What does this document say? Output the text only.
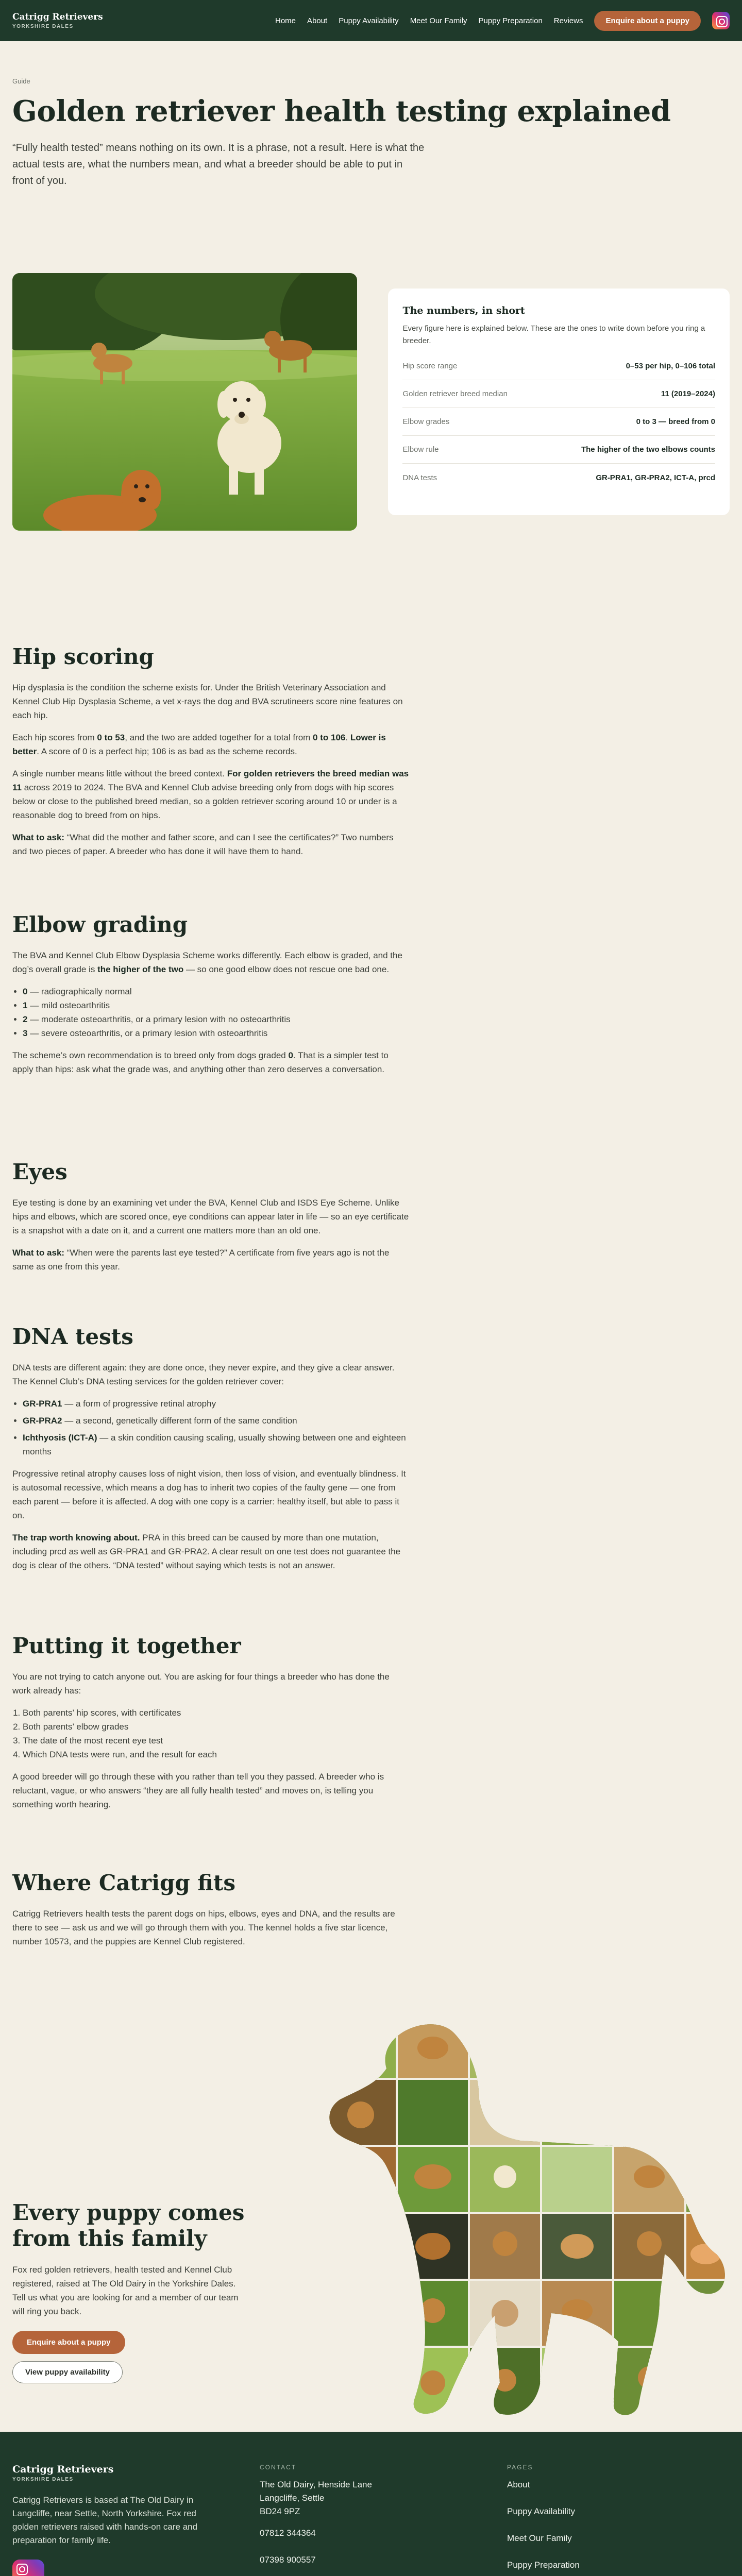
Catrigg Retrievers
YORKSHIRE DALES
Home About Puppy Availability Meet Our Family Puppy Preparation Reviews	Enquire about a puppy
Guide
Golden retriever health testing explained

“Fully health tested” means nothing on its own. It is a phrase, not a result. Here is what the actual tests are, what the numbers mean, and what a breeder should be able to put in front of you.

The numbers, in short

Every figure here is explained below. These are the ones to write down before you ring a breeder.

Hip score range	0–53 per hip, 0–106 total
Golden retriever breed median	11 (2019–2024)
Elbow grades	0 to 3 — breed from 0
Elbow rule	The higher of the two elbows counts
DNA tests	GR-PRA1, GR-PRA2, ICT-A, prcd
Hip scoring

Hip dysplasia is the condition the scheme exists for. Under the British Veterinary Association and Kennel Club Hip Dysplasia Scheme, a vet x-rays the dog and BVA scrutineers score nine features on each hip.

Each hip scores from 0 to 53, and the two are added together for a total from 0 to 106. Lower is better. A score of 0 is a perfect hip; 106 is as bad as the scheme records.

A single number means little without the breed context. For golden retrievers the breed median was 11 across 2019 to 2024. The BVA and Kennel Club advise breeding only from dogs with hip scores below or close to the published breed median, so a golden retriever scoring around 10 or under is a reasonable dog to breed from on hips.

What to ask: “What did the mother and father score, and can I see the certificates?” Two numbers and two pieces of paper. A breeder who has done it will have them to hand.

Elbow grading

The BVA and Kennel Club Elbow Dysplasia Scheme works differently. Each elbow is graded, and the dog’s overall grade is the higher of the two — so one good elbow does not rescue one bad one.

• 0 — radiographically normal
• 1 — mild osteoarthritis
• 2 — moderate osteoarthritis, or a primary lesion with no osteoarthritis
• 3 — severe osteoarthritis, or a primary lesion with osteoarthritis

The scheme’s own recommendation is to breed only from dogs graded 0. That is a simpler test to apply than hips: ask what the grade was, and anything other than zero deserves a conversation.

Eyes

Eye testing is done by an examining vet under the BVA, Kennel Club and ISDS Eye Scheme. Unlike hips and elbows, which are scored once, eye conditions can appear later in life — so an eye certificate is a snapshot with a date on it, and a current one matters more than an old one.

What to ask: “When were the parents last eye tested?” A certificate from five years ago is not the same as one from this year.

DNA tests

DNA tests are different again: they are done once, they never expire, and they give a clear answer. The Kennel Club’s DNA testing services for the golden retriever cover:

• GR-PRA1 — a form of progressive retinal atrophy
• GR-PRA2 — a second, genetically different form of the same condition
• Ichthyosis (ICT-A) — a skin condition causing scaling, usually showing between one and eighteen months

Progressive retinal atrophy causes loss of night vision, then loss of vision, and eventually blindness. It is autosomal recessive, which means a dog has to inherit two copies of the faulty gene — one from each parent — before it is affected. A dog with one copy is a carrier: healthy itself, but able to pass it on.

The trap worth knowing about. PRA in this breed can be caused by more than one mutation, including prcd as well as GR-PRA1 and GR-PRA2. A clear result on one test does not guarantee the dog is clear of the others. “DNA tested” without saying which tests is not an answer.

Putting it together

You are not trying to catch anyone out. You are asking for four things a breeder who has done the work already has:

1. Both parents’ hip scores, with certificates
2. Both parents’ elbow grades
3. The date of the most recent eye test
4. Which DNA tests were run, and the result for each

A good breeder will go through these with you rather than tell you they passed. A breeder who is reluctant, vague, or who answers “they are all fully health tested” and moves on, is telling you something worth hearing.

Where Catrigg fits

Catrigg Retrievers health tests the parent dogs on hips, elbows, eyes and DNA, and the results are there to see — ask us and we will go through them with you. The kennel holds a five star licence, number 10573, and the puppies are Kennel Club registered.

Every puppy comes from this family

Fox red golden retrievers, health tested and Kennel Club registered, raised at The Old Dairy in the Yorkshire Dales. Tell us what you are looking for and a member of our team will ring you back.

Enquire about a puppy
View puppy availability
Catrigg Retrievers
YORKSHIRE DALES

Catrigg Retrievers is based at The Old Dairy in Langcliffe, near Settle, North Yorkshire. Fox red golden retrievers raised with hands-on care and preparation for family life.

CONTACT

The Old Dairy, Henside Lane

Langcliffe, Settle

BD24 9PZ

07812 344364
07398 900557
PAGES
About
Puppy Availability
Meet Our Family
Puppy Preparation
